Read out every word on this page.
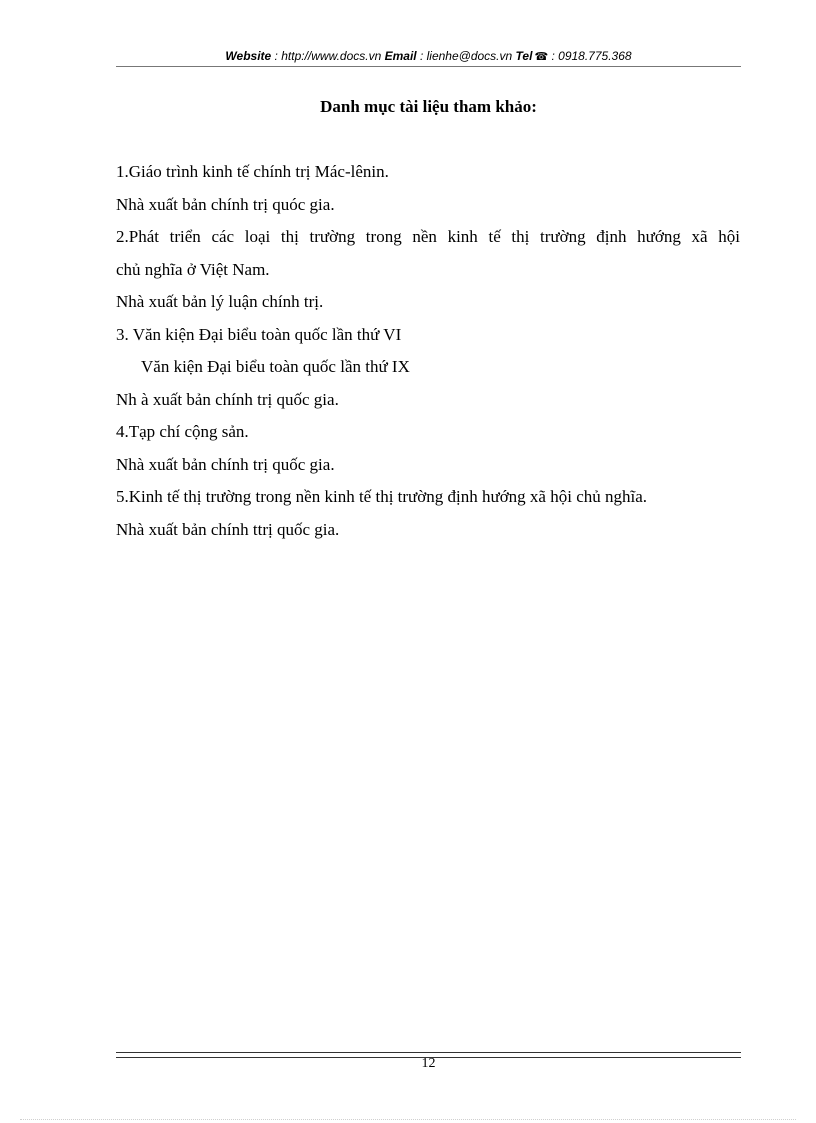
Website : http://www.docs.vn Email : lienhe@docs.vn Tel ☎ : 0918.775.368
Danh mục tài liệu tham khảo:
1.Giáo trình kinh tế chính trị Mác-lênin.
Nhà xuất bản chính trị quóc gia.
2.Phát triển các loại thị trường trong nền kinh tế thị trường định hướng xã hội
chủ nghĩa ở Việt Nam.
Nhà xuất bản lý luận chính trị.
3. Văn kiện Đại biểu toàn quốc lần thứ VI
Văn kiện Đại biểu toàn quốc lần thứ IX
Nh à xuất bản chính trị quốc gia.
4.Tạp chí cộng sản.
Nhà xuất bản chính trị quốc gia.
5.Kinh tế thị trường trong nền kinh tế thị trường định hướng xã hội chủ nghĩa.
Nhà xuất bản chính ttrị quốc gia.
12
